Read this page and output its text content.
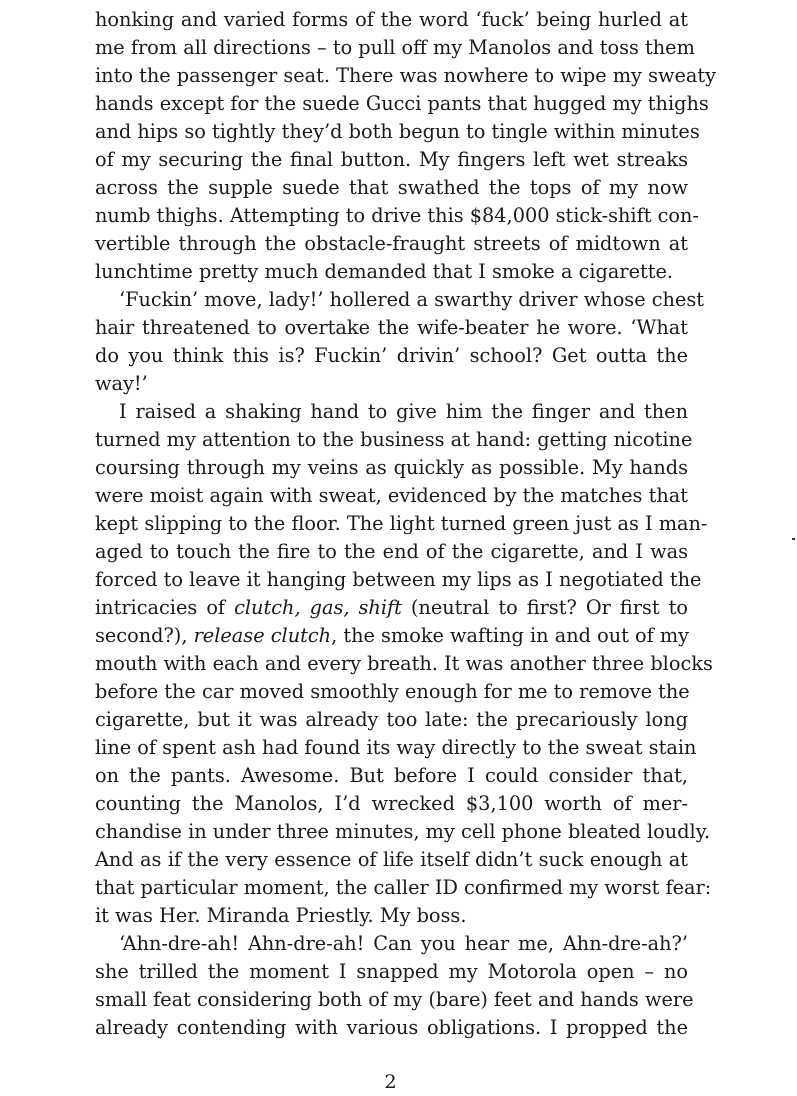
honking and varied forms of the word ‘fuck’ being hurled at
me from all directions – to pull off my Manolos and toss them
into the passenger seat. There was nowhere to wipe my sweaty
hands except for the suede Gucci pants that hugged my thighs
and hips so tightly they’d both begun to tingle within minutes
of my securing the final button. My fingers left wet streaks
across the supple suede that swathed the tops of my now
numb thighs. Attempting to drive this $84,000 stick-shift con-
vertible through the obstacle-fraught streets of midtown at
lunchtime pretty much demanded that I smoke a cigarette.
‘Fuckin’ move, lady!’ hollered a swarthy driver whose chest
hair threatened to overtake the wife-beater he wore. ‘What
do you think this is? Fuckin’ drivin’ school? Get outta the
way!’
I raised a shaking hand to give him the finger and then
turned my attention to the business at hand: getting nicotine
coursing through my veins as quickly as possible. My hands
were moist again with sweat, evidenced by the matches that
kept slipping to the floor. The light turned green just as I man-
aged to touch the fire to the end of the cigarette, and I was
forced to leave it hanging between my lips as I negotiated the
intricacies of clutch, gas, shift (neutral to first? Or first to
second?), release clutch, the smoke wafting in and out of my
mouth with each and every breath. It was another three blocks
before the car moved smoothly enough for me to remove the
cigarette, but it was already too late: the precariously long
line of spent ash had found its way directly to the sweat stain
on the pants. Awesome. But before I could consider that,
counting the Manolos, I’d wrecked $3,100 worth of mer-
chandise in under three minutes, my cell phone bleated loudly.
And as if the very essence of life itself didn’t suck enough at
that particular moment, the caller ID confirmed my worst fear:
it was Her. Miranda Priestly. My boss.
‘Ahn-dre-ah! Ahn-dre-ah! Can you hear me, Ahn-dre-ah?’
she trilled the moment I snapped my Motorola open – no
small feat considering both of my (bare) feet and hands were
already contending with various obligations. I propped the
2
